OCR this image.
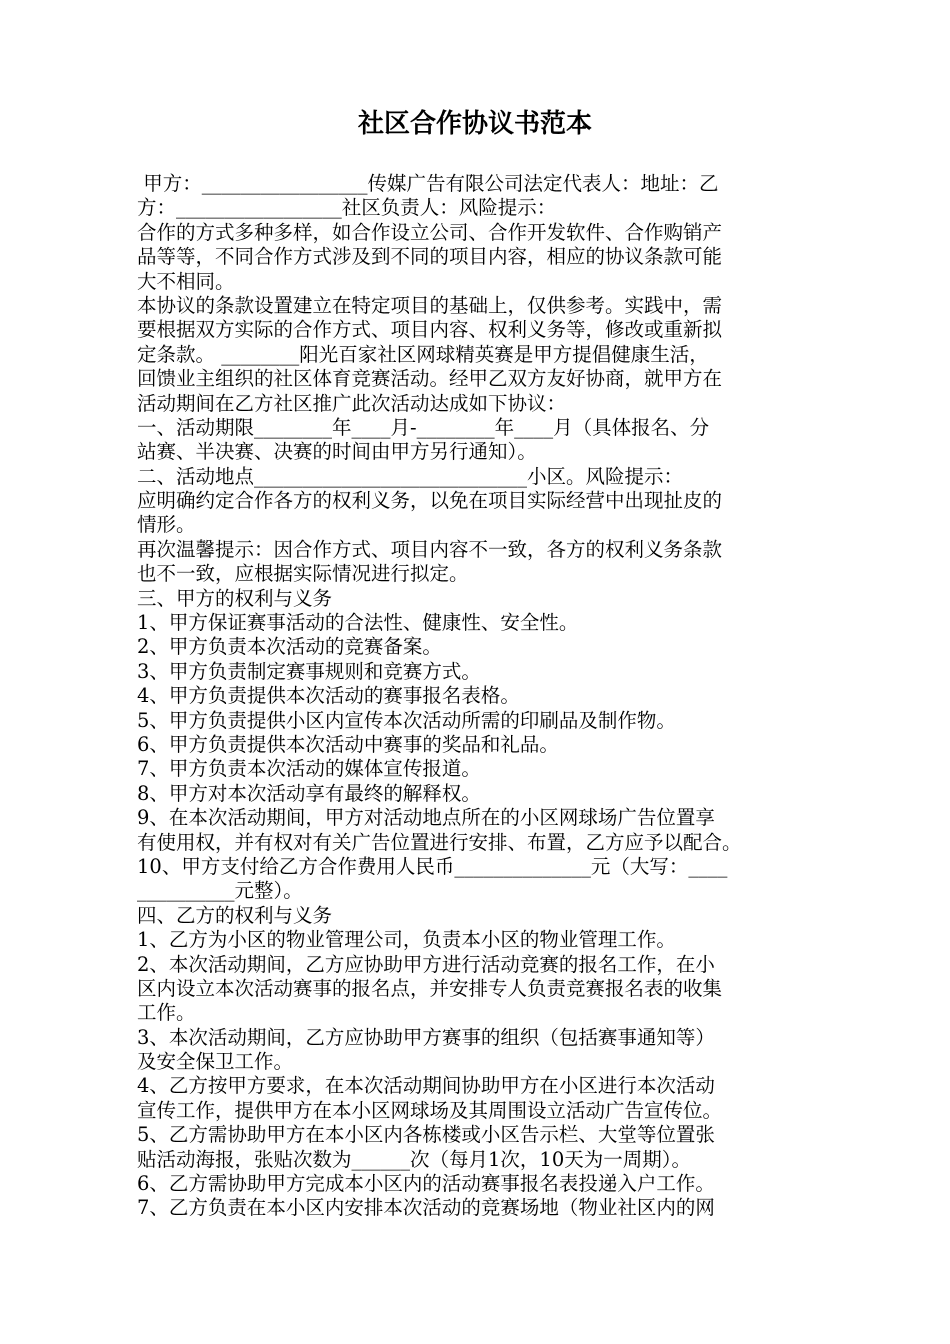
社区合作协议书范本
甲方：_________________传媒广告有限公司法定代表人：地址：乙
方：_________________社区负责人：风险提示：
合作的方式多种多样，如合作设立公司、合作开发软件、合作购销产
品等等，不同合作方式涉及到不同的项目内容，相应的协议条款可能
大不相同。
本协议的条款设置建立在特定项目的基础上，仅供参考。实践中，需
要根据双方实际的合作方式、项目内容、权利义务等，修改或重新拟
定条款。 ________阳光百家社区网球精英赛是甲方提倡健康生活，
回馈业主组织的社区体育竞赛活动。经甲乙双方友好协商，就甲方在
活动期间在乙方社区推广此次活动达成如下协议：
一、活动期限________年____月-________年____月（具体报名、分
站赛、半决赛、决赛的时间由甲方另行通知）。
二、活动地点____________________________小区。风险提示：
应明确约定合作各方的权利义务，以免在项目实际经营中出现扯皮的
情形。
再次温馨提示：因合作方式、项目内容不一致，各方的权利义务条款
也不一致，应根据实际情况进行拟定。
三、甲方的权利与义务
1、甲方保证赛事活动的合法性、健康性、安全性。
2、甲方负责本次活动的竞赛备案。
3、甲方负责制定赛事规则和竞赛方式。
4、甲方负责提供本次活动的赛事报名表格。
5、甲方负责提供小区内宣传本次活动所需的印刷品及制作物。
6、甲方负责提供本次活动中赛事的奖品和礼品。
7、甲方负责本次活动的媒体宣传报道。
8、甲方对本次活动享有最终的解释权。
9、在本次活动期间，甲方对活动地点所在的小区网球场广告位置享
有使用权，并有权对有关广告位置进行安排、布置，乙方应予以配合。
10、甲方支付给乙方合作费用人民币______________元（大写：____
__________元整）。
四、乙方的权利与义务
1、乙方为小区的物业管理公司，负责本小区的物业管理工作。
2、本次活动期间，乙方应协助甲方进行活动竞赛的报名工作，在小
区内设立本次活动赛事的报名点，并安排专人负责竞赛报名表的收集
工作。
3、本次活动期间，乙方应协助甲方赛事的组织（包括赛事通知等）
及安全保卫工作。
4、乙方按甲方要求，在本次活动期间协助甲方在小区进行本次活动
宣传工作，提供甲方在本小区网球场及其周围设立活动广告宣传位。
5、乙方需协助甲方在本小区内各栋楼或小区告示栏、大堂等位置张
贴活动海报，张贴次数为______次（每月1次，10天为一周期）。
6、乙方需协助甲方完成本小区内的活动赛事报名表投递入户工作。
7、乙方负责在本小区内安排本次活动的竞赛场地（物业社区内的网
